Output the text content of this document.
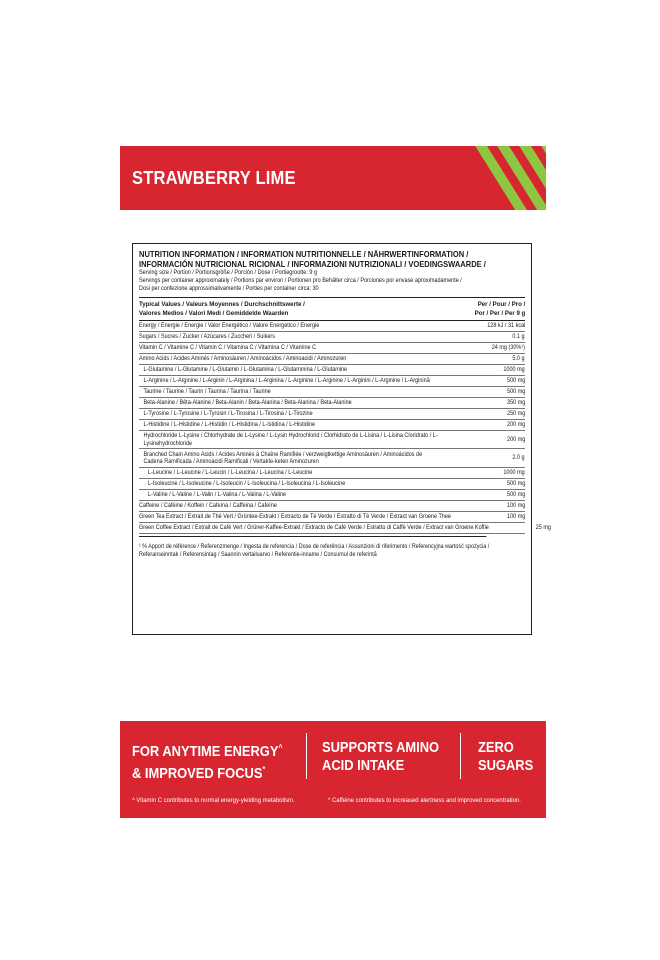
STRAWBERRY LIME
NUTRITION INFORMATION / INFORMATION NUTRITIONNELLE / NÄHRWERTINFORMATION /
INFORMACIÓN NUTRICIONAL RICIONAL / INFORMAZIONI NUTRIZIONALI / VOEDINGSWAARDE /
Serving size / Portion / Portionsgröße / Porción / Dose / Portiegrootte: 9 g
Servings per container approximately / Portions par environ / Portionen pro Behälter circa / Porciones por envase aproximadamente /
Dosi per confezione approssimativamente / Porties per container circa: 30
Typical Values / Valeurs Moyennes / Durchschnittswerte /
Valores Medios / Valori Medi / Gemiddelde Waarden
Per / Pour / Pro /
Por / Per / Per 9 g
Energy / Énergie / Energie / Valor Energético / Valore Energetico / Energie	128 kJ / 31 kcal
Sugars / Sucres / Zucker / Azúcares / Zuccheri / Suikers	0.1 g
Vitamin C / Vitamine C / Vitamin C / Vitamina C / Vitamina C / Vitamine C	24 mg (30%¹)
Amino Acids / Acides Aminés / Aminosäuren / Aminoácidos / Aminoacidi / Aminozuren	5.0 g
L-Glutamine / L-Glutamine / L-Glutamin / L-Glutamina / L-Glutammina / L-Glutamine	1000 mg
L-Arginine / L-Arginine / L-Arginin / L-Arginina / L-Arginina / L-Arginine / L-Arginine / L-Arginini / L-Arginine / L-Arginină	500 mg
Taurine / Taurine / Taurin / Taurina / Taurina / Taurine	500 mg
Beta-Alanine / Bêta-Alanine / Beta-Alanin / Beta-Alanina / Beta-Alanina / Beta-Alanine	350 mg
L-Tyrosine / L-Tyrosine / L-Tyrosin / L-Tirosina / L-Tirosina / L-Tirozine	250 mg
L-Histidine / L-Histidine / L-Histidin / L-Histidina / L-Istidina / L-Histidine	200 mg
Hydrochloride L-Lysine / Chlorhydrate de L-Lysine / L-Lysin Hydrochlorid / Clorhidrato de L-Lisina / L-Lisina Cloridrato / L-Lysinehydrochloride
200 mg
Branched Chain Amino Acids / Acides Aminés à Chaîne Ramifiée / verzweigtkettige Aminosäuren / Aminoácidos de Cadena Ramificada / Aminoacidi Ramificati / Vertakte-keten Aminozuren
2.0 g
L-Leucine / L-Leucine / L-Leucin / L-Leucina / L-Leucina / L-Leucine	1000 mg
L-Isoleucine / L-Isoleucine / L-Isoleucin / L-Isoleucina / L-Isoleucina / L-Isoleucine	500 mg
L-Valine / L-Valine / L-Valin / L-Valina / L-Valina / L-Valine	500 mg
Caffeine / Caféine / Koffein / Cafeína / Caffeina / Cafeïne	100 mg
Green Tea Extract / Extrait de Thé Vert / Grüntee-Extrakt / Extracto de Té Verde / Estratto di Tè Verde / Extract van Groene Thee	100 mg
Green Coffee Extract / Extrait de Café Vert / Grüner-Kaffee-Extrakt / Extracto de Café Verde / Estratto di Caffè Verde / Extract van Groene Koffie	25 mg
¹ % Apport de référence / Referenzmenge / Ingesta de referencia / Dose de referência / Assunzioni di riferimento / Referencyjna wartość spożycia /
Referanseinntak / Referensintag / Saannin vertailuarvo / Referentie-inname / Consumul de referință
FOR ANYTIME ENERGY^
& IMPROVED FOCUS*
SUPPORTS AMINO
ACID INTAKE
ZERO
SUGARS
^ Vitamin C contributes to normal energy-yielding metabolism.	* Caffeine contributes to increased alertness and improved concentration.
